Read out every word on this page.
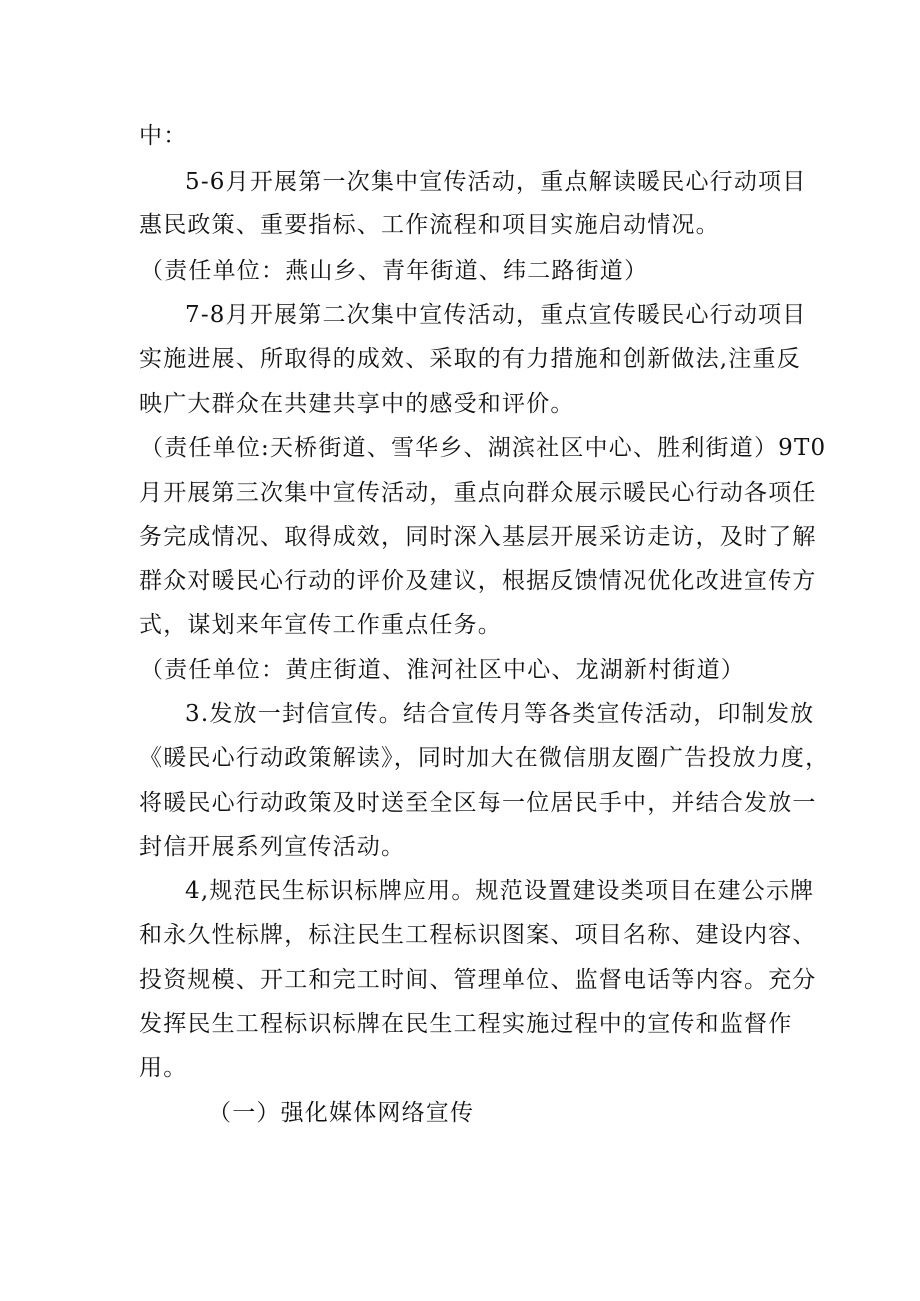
中：
5-6月开展第一次集中宣传活动，重点解读暖民心行动项目
惠民政策、重要指标、工作流程和项目实施启动情况。
（责任单位：燕山乡、青年街道、纬二路街道）
7-8月开展第二次集中宣传活动，重点宣传暖民心行动项目
实施进展、所取得的成效、采取的有力措施和创新做法,注重反
映广大群众在共建共享中的感受和评价。
（责任单位:天桥街道、雪华乡、湖滨社区中心、胜利街道）9T0
月开展第三次集中宣传活动，重点向群众展示暖民心行动各项任
务完成情况、取得成效，同时深入基层开展采访走访，及时了解
群众对暖民心行动的评价及建议，根据反馈情况优化改进宣传方
式，谋划来年宣传工作重点任务。
（责任单位：黄庄街道、淮河社区中心、龙湖新村街道）
3.发放一封信宣传。结合宣传月等各类宣传活动，印制发放
《暖民心行动政策解读》，同时加大在微信朋友圈广告投放力度，
将暖民心行动政策及时送至全区每一位居民手中，并结合发放一
封信开展系列宣传活动。
4,规范民生标识标牌应用。规范设置建设类项目在建公示牌
和永久性标牌，标注民生工程标识图案、项目名称、建设内容、
投资规模、开工和完工时间、管理单位、监督电话等内容。充分
发挥民生工程标识标牌在民生工程实施过程中的宣传和监督作
用。
（一）强化媒体网络宣传
